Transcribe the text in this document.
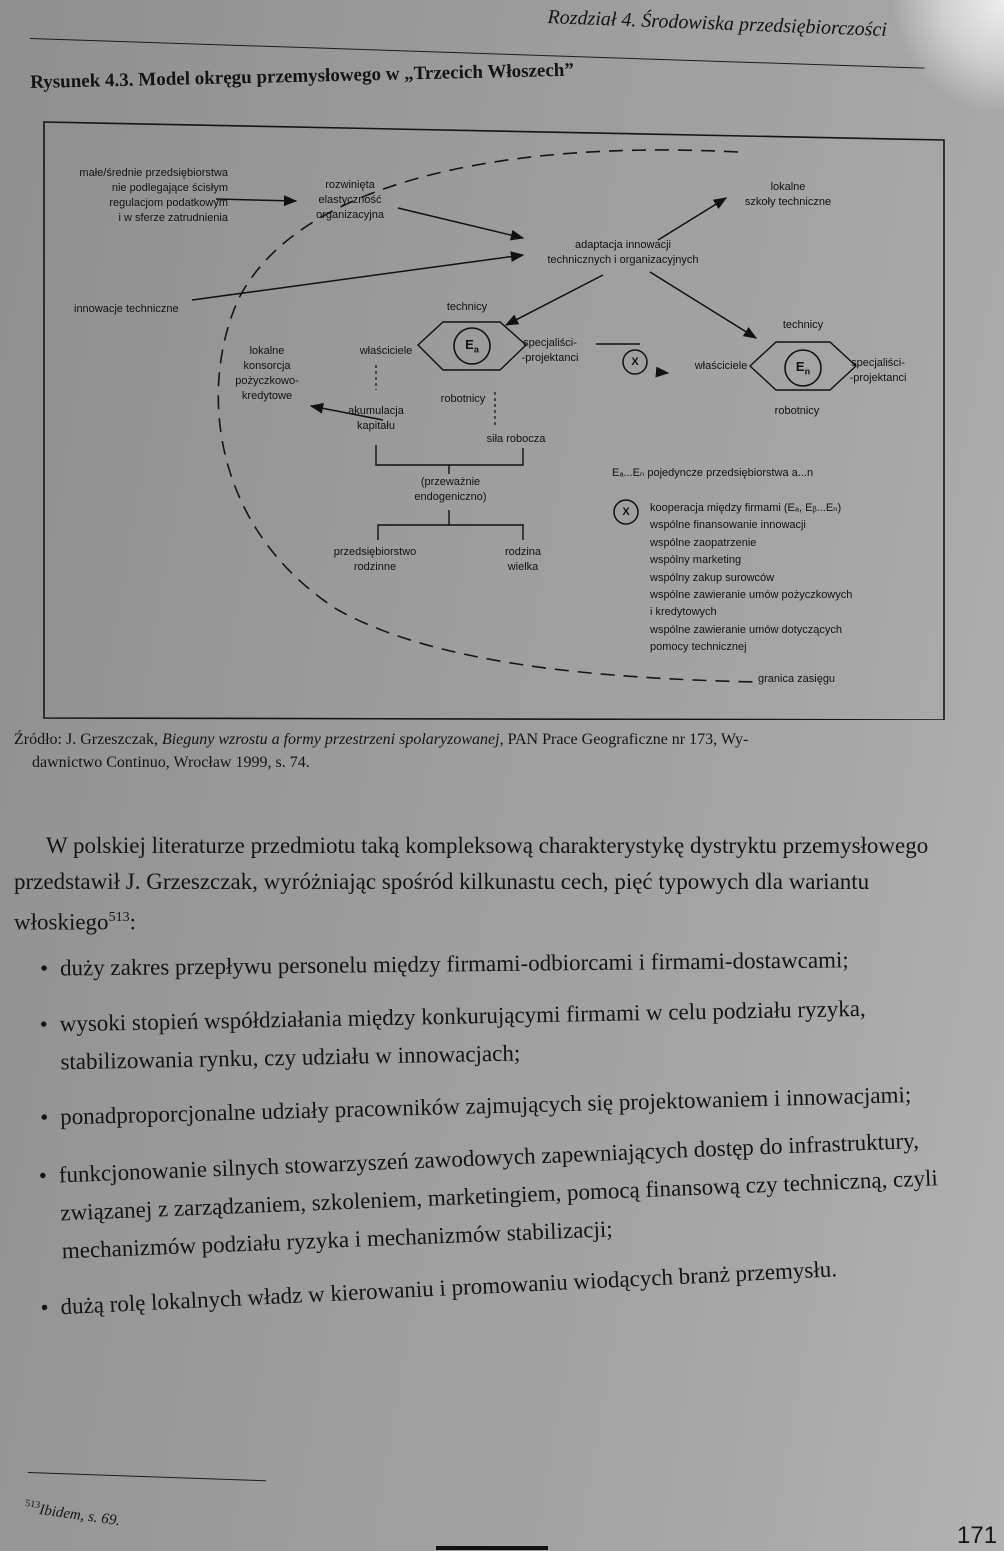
Rozdział 4. Środowiska przedsiębiorczości
Rysunek 4.3. Model okręgu przemysłowego w „Trzecich Włoszech”
małe/średnie przedsiębiorstwa
nie podlegające ścisłym
regulacjom podatkowym
i w sferze zatrudnienia
rozwinięta
elastyczność
organizacyjna
lokalne
szkoły techniczne
adaptacja innowacji
technicznych i organizacyjnych
innowacje techniczne	technicy
właściciele
specjaliści-
-projektanci
robotnicy
$E_a$
lokalne
konsorcja
pożyczkowo-
kredytowe
akumulacja
kapitału
siła robocza
(przeważnie
endogeniczno)
przedsiębiorstwo
rodzinne
rodzina
wielka
X
technicy
właściciele	specjaliści-
-projektanci
robotnicy
$E_n$
Eₐ...Eₙ pojedyncze przedsiębiorstwa a...n
X	kooperacja między firmami (Eₐ, Eᵦ...Eₙ)
wspólne finansowanie innowacji
wspólne zaopatrzenie
wspólny marketing
wspólny zakup surowców
wspólne zawieranie umów pożyczkowych
i kredytowych
wspólne zawieranie umów dotyczących
pomocy technicznej
granica zasięgu
Źródło: J. Grzeszczak, Bieguny wzrostu a formy przestrzeni spolaryzowanej, PAN Prace Geograficzne nr 173, Wy-
dawnictwo Continuo, Wrocław 1999, s. 74.
W polskiej literaturze przedmiotu taką kompleksową charakterystykę dystryktu przemysłowego przedstawił J. Grzeszczak, wyróżniając spośród kilkunastu cech, pięć typowych dla wariantu włoskiego$^{513}$:
• duży zakres przepływu personelu między firmami-odbiorcami i firmami-dostawcami;
• wysoki stopień współdziałania między konkurującymi firmami w celu podziału ryzyka, stabilizowania rynku, czy udziału w innowacjach;
• ponadproporcjonalne udziały pracowników zajmujących się projektowaniem i innowacjami;
• funkcjonowanie silnych stowarzyszeń zawodowych zapewniających dostęp do infrastruktury, związanej z zarządzaniem, szkoleniem, marketingiem, pomocą finansową czy techniczną, czyli mechanizmów podziału ryzyka i mechanizmów stabilizacji;
• dużą rolę lokalnych władz w kierowaniu i promowaniu wiodących branż przemysłu.
$^{513}$Ibidem, s. 69.
171
